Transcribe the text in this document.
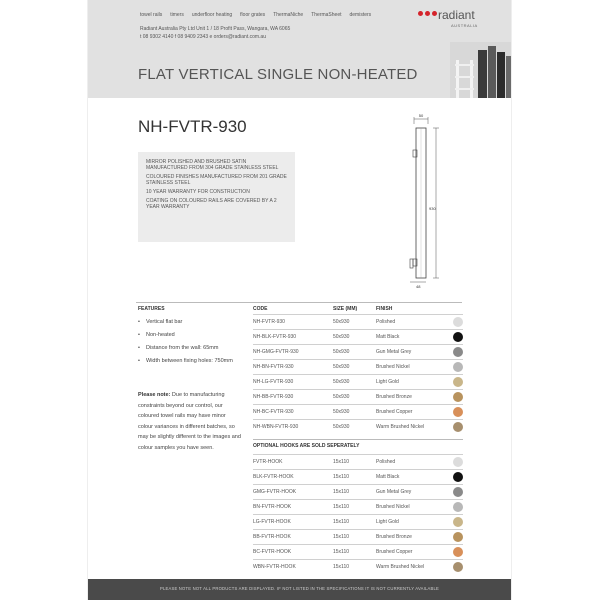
towel rails timers underfloor heating floor grates ThermaNiche ThermaSheet demisters
Radiant Australia Pty Ltd Unit 1 / 18 Profit Pass, Wangara, WA 6065
t 08 9302 4140 f 08 9409 2343 e orders@radiant.com.au
radiant
AUSTRALIA
FLAT VERTICAL SINGLE NON-HEATED
NH-FVTR-930

MIRROR POLISHED AND BRUSHED SATIN MANUFACTURED FROM 304 GRADE STAINLESS STEEL

COLOURED FINISHES MANUFACTURED FROM 201 GRADE STAINLESS STEEL

10 YEAR WARRANTY FOR CONSTRUCTION

COATING ON COLOURED RAILS ARE COVERED BY A 2 YEAR WARRANTY

50
930
48
FEATURES
• Vertical flat bar
• Non-heated
• Distance from the wall: 65mm
• Width between fixing holes: 750mm
Please note: Due to manufacturing constraints beyond our control, our coloured towel rails may have minor colour variances in different batches, so may be slightly different to the images and colour samples you have seen.
CODE	SIZE (MM)	FINISH
NH-FVTR-930	50x930	Polished
NH-BLK-FVTR-930	50x930	Matt Black
NH-GMG-FVTR-930	50x930	Gun Metal Grey
NH-BN-FVTR-930	50x930	Brushed Nickel
NH-LG-FVTR-930	50x930	Light Gold
NH-BB-FVTR-930	50x930	Brushed Bronze
NH-BC-FVTR-930	50x930	Brushed Copper
NH-WBN-FVTR-930	50x930	Warm Brushed Nickel
OPTIONAL HOOKS ARE SOLD SEPERATELY
FVTR-HOOK	15x110	Polished
BLK-FVTR-HOOK	15x110	Matt Black
GMG-FVTR-HOOK	15x110	Gun Metal Grey
BN-FVTR-HOOK	15x110	Brushed Nickel
LG-FVTR-HOOK	15x110	Light Gold
BB-FVTR-HOOK	15x110	Brushed Bronze
BC-FVTR-HOOK	15x110	Brushed Copper
WBN-FVTR-HOOK	15x110	Warm Brushed Nickel
PLEASE NOTE NOT ALL PRODUCTS ARE DISPLAYED. IF NOT LISTED IN THE SPECIFICATIONS IT IS NOT CURRENTLY AVAILABLE
